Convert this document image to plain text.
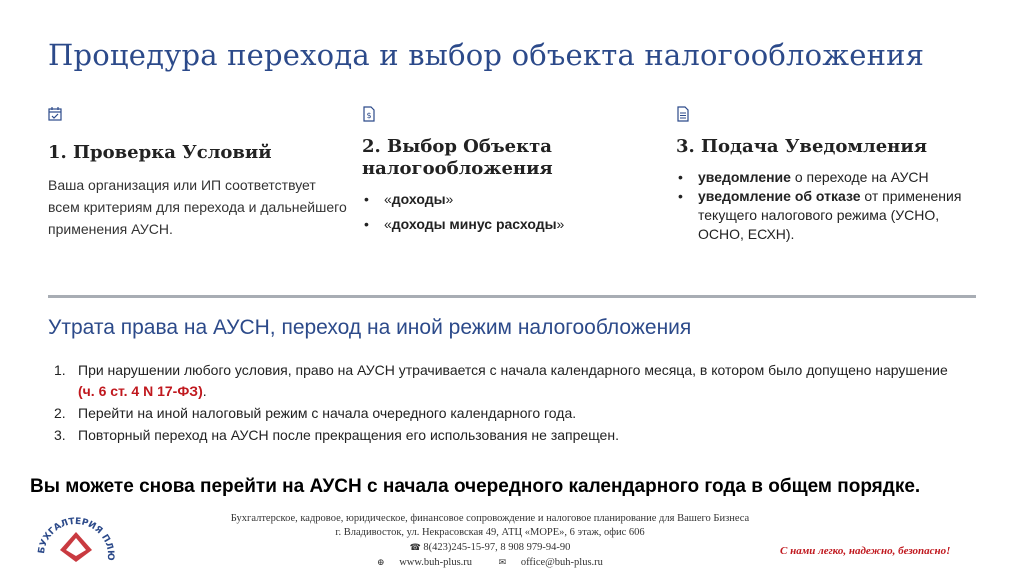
Процедура перехода и выбор объекта налогообложения
1. Проверка Условий
Ваша организация или ИП соответствует всем критериям для перехода и дальнейшего применения АУСН.
$
2. Выбор Объекта налогообложения
• «доходы»
• «доходы минус расходы»
3. Подача Уведомления
• уведомление о переходе на АУСН
• уведомление об отказе от применения текущего налогового режима (УСНО, ОСНО, ЕСХН).
Утрата права на АУСН, переход на иной режим налогообложения
1. При нарушении любого условия, право на АУСН утрачивается с начала календарного месяца, в котором было допущено нарушение (ч. 6 ст. 4 N 17-ФЗ).
2. Перейти на иной налоговый режим с начала очередного календарного года.
3. Повторный переход на АУСН после прекращения его использования не запрещен.
Вы можете снова перейти на АУСН с начала очередного календарного года в общем порядке.
БУХГАЛТЕРИЯ ПЛЮ
Бухгалтерское, кадровое, юридическое, финансовое сопровождение и налоговое планирование для Вашего Бизнеса
г. Владивосток, ул. Некрасовская 49, АТЦ «МОРЕ», 6 этаж, офис 606
☎ 8(423)245-15-97, 8 908 979-94-90
⊕ www.buh-plus.ru	✉ office@buh-plus.ru
С нами легко, надежно, безопасно!
